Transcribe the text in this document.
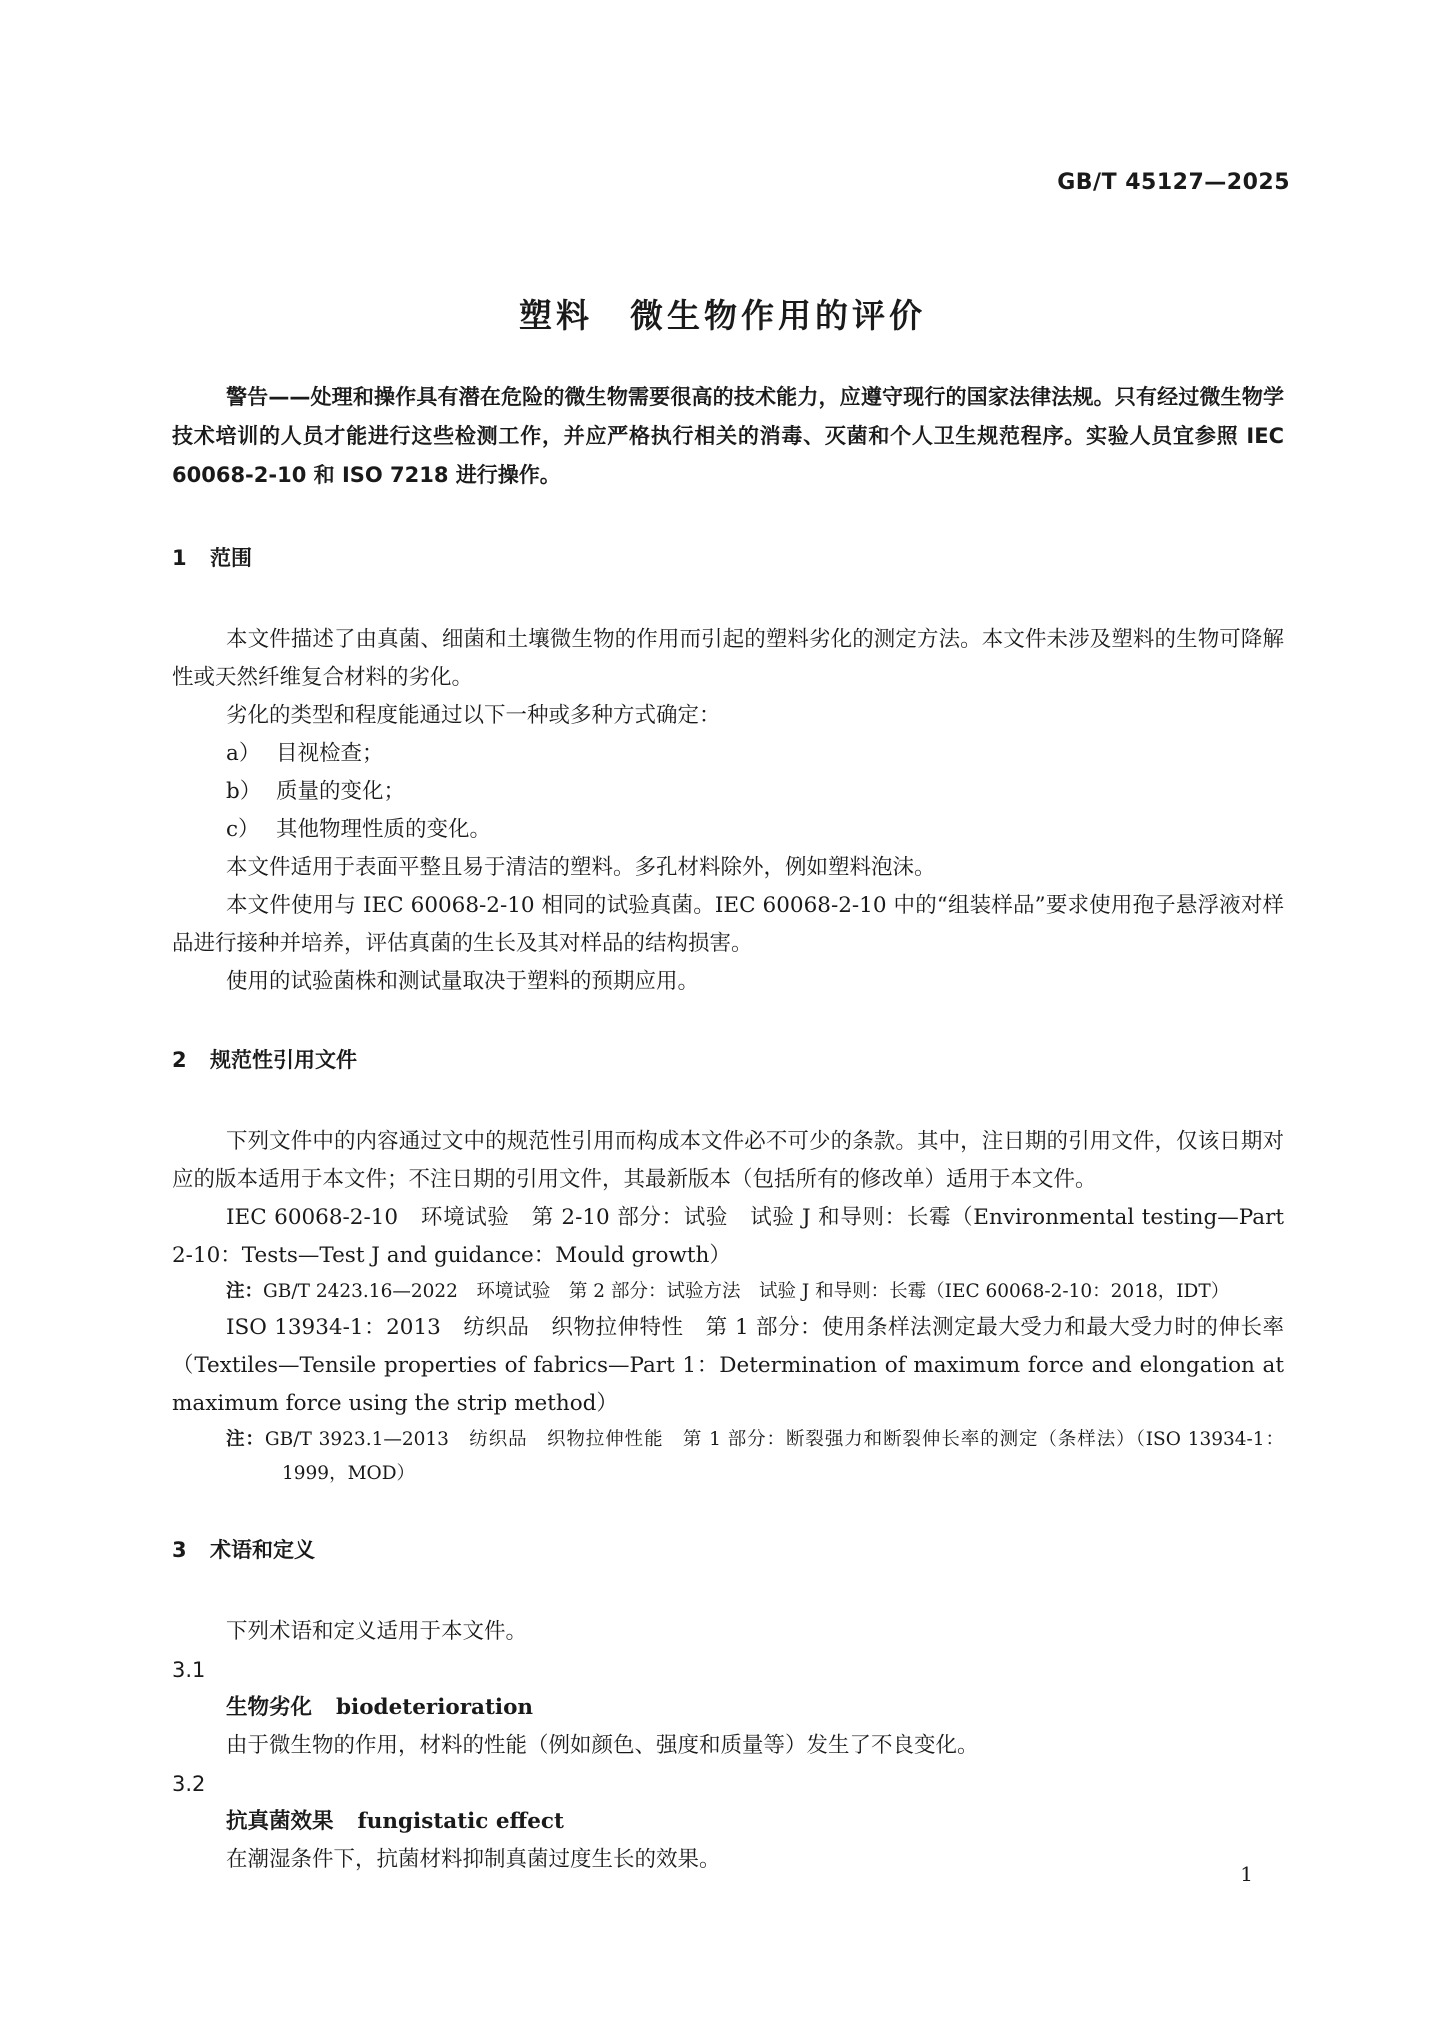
GB/T 45127—2025
塑料　微生物作用的评价

警告——处理和操作具有潜在危险的微生物需要很高的技术能力，应遵守现行的国家法律法规。只有经过微生物学技术培训的人员才能进行这些检测工作，并应严格执行相关的消毒、灭菌和个人卫生规范程序。实验人员宜参照 IEC 60068-2-10 和 ISO 7218 进行操作。

1 范围

本文件描述了由真菌、细菌和土壤微生物的作用而引起的塑料劣化的测定方法。本文件未涉及塑料的生物可降解性或天然纤维复合材料的劣化。

劣化的类型和程度能通过以下一种或多种方式确定：

a） 目视检查；

b） 质量的变化；

c） 其他物理性质的变化。

本文件适用于表面平整且易于清洁的塑料。多孔材料除外，例如塑料泡沫。

本文件使用与 IEC 60068-2-10 相同的试验真菌。IEC 60068-2-10 中的“组装样品”要求使用孢子悬浮液对样品进行接种并培养，评估真菌的生长及其对样品的结构损害。

使用的试验菌株和测试量取决于塑料的预期应用。

2 规范性引用文件

下列文件中的内容通过文中的规范性引用而构成本文件必不可少的条款。其中，注日期的引用文件，仅该日期对应的版本适用于本文件；不注日期的引用文件，其最新版本（包括所有的修改单）适用于本文件。

IEC 60068-2-10　环境试验　第 2-10 部分：试验　试验 J 和导则：长霉（Environmental testing—Part 2-10：Tests—Test J and guidance：Mould growth）

注：GB/T 2423.16—2022　环境试验　第 2 部分：试验方法　试验 J 和导则：长霉（IEC 60068-2-10：2018，IDT）

ISO 13934-1：2013　纺织品　织物拉伸特性　第 1 部分：使用条样法测定最大受力和最大受力时的伸长率（Textiles—Tensile properties of fabrics—Part 1：Determination of maximum force and elongation at maximum force using the strip method）

注：GB/T 3923.1—2013　纺织品　织物拉伸性能　第 1 部分：断裂强力和断裂伸长率的测定（条样法）（ISO 13934-1：1999，MOD）

3 术语和定义

下列术语和定义适用于本文件。

3.1

生物劣化 biodeterioration

由于微生物的作用，材料的性能（例如颜色、强度和质量等）发生了不良变化。

3.2

抗真菌效果 fungistatic effect

在潮湿条件下，抗菌材料抑制真菌过度生长的效果。

1
